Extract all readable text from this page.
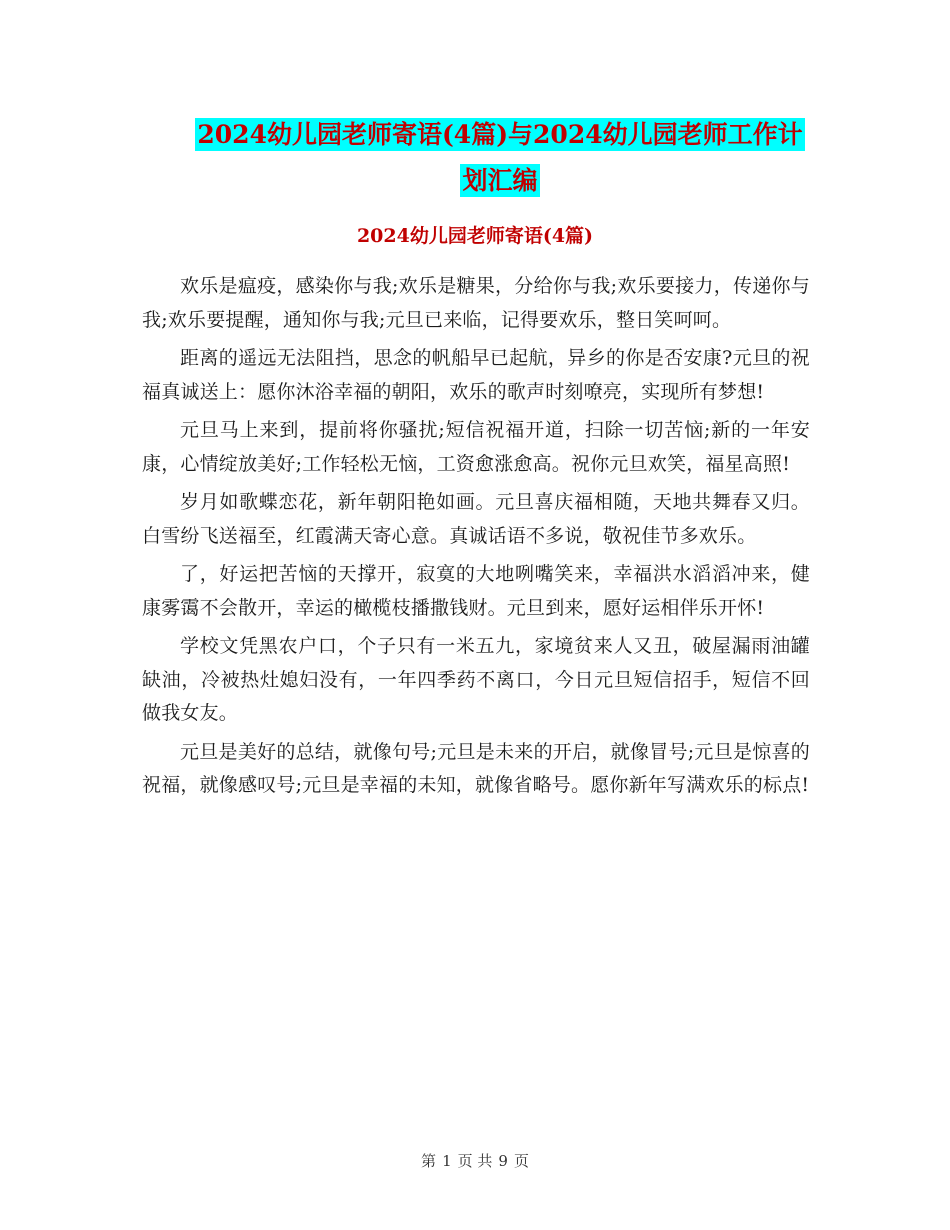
2024幼儿园老师寄语(4篇)与2024幼儿园老师工作计
划汇编
2024幼儿园老师寄语(4篇)

欢乐是瘟疫，感染你与我;欢乐是糖果，分给你与我;欢乐要接力，传递你与我;欢乐要提醒，通知你与我;元旦已来临，记得要欢乐，整日笑呵呵。

距离的遥远无法阻挡，思念的帆船早已起航，异乡的你是否安康?元旦的祝福真诚送上：愿你沐浴幸福的朝阳，欢乐的歌声时刻嘹亮，实现所有梦想!

元旦马上来到，提前将你骚扰;短信祝福开道，扫除一切苦恼;新的一年安康，心情绽放美好;工作轻松无恼，工资愈涨愈高。祝你元旦欢笑，福星高照!

岁月如歌蝶恋花，新年朝阳艳如画。元旦喜庆福相随，天地共舞春又归。白雪纷飞送福至，红霞满天寄心意。真诚话语不多说，敬祝佳节多欢乐。

了，好运把苦恼的天撑开，寂寞的大地咧嘴笑来，幸福洪水滔滔冲来，健康雾霭不会散开，幸运的橄榄枝播撒钱财。元旦到来，愿好运相伴乐开怀!

学校文凭黑农户口，个子只有一米五九，家境贫来人又丑，破屋漏雨油罐缺油，冷被热灶媳妇没有，一年四季药不离口，今日元旦短信招手，短信不回做我女友。

元旦是美好的总结，就像句号;元旦是未来的开启，就像冒号;元旦是惊喜的祝福，就像感叹号;元旦是幸福的未知，就像省略号。愿你新年写满欢乐的标点!

第 1 页 共 9 页
